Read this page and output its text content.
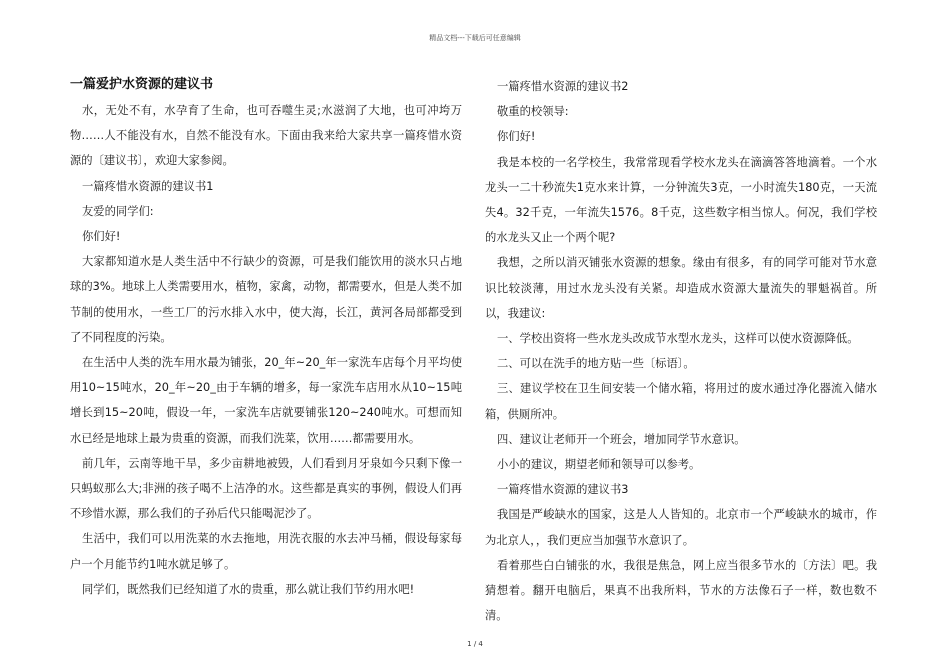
精品文档---下载后可任意编辑
一篇爱护水资源的建议书

水，无处不有，水孕育了生命，也可吞噬生灵;水滋润了大地，也可冲垮万物……人不能没有水，自然不能没有水。下面由我来给大家共享一篇疼惜水资源的〔建议书〕，欢迎大家参阅。

一篇疼惜水资源的建议书1

友爱的同学们:

你们好!

大家都知道水是人类生活中不行缺少的资源，可是我们能饮用的淡水只占地球的3%。地球上人类需要用水，植物，家禽，动物，都需要水，但是人类不加节制的使用水，一些工厂的污水排入水中，使大海，长江，黄河各局部都受到了不同程度的污染。

在生活中人类的洗车用水最为铺张，20_年~20_年一家洗车店每个月平均使用10~15吨水，20_年~20_由于车辆的增多，每一家洗车店用水从10~15吨增长到15~20吨，假设一年，一家洗车店就要铺张120~240吨水。可想而知水已经是地球上最为贵重的资源，而我们洗菜，饮用……都需要用水。

前几年，云南等地干旱，多少亩耕地被毁，人们看到月牙泉如今只剩下像一只蚂蚁那么大;非洲的孩子喝不上洁净的水。这些都是真实的事例，假设人们再不珍惜水源，那么我们的子孙后代只能喝泥沙了。

生活中，我们可以用洗菜的水去拖地，用洗衣服的水去冲马桶，假设每家每户一个月能节约1吨水就足够了。

同学们，既然我们已经知道了水的贵重，那么就让我们节约用水吧!

一篇疼惜水资源的建议书2

敬重的校领导:

你们好!

我是本校的一名学校生，我常常现看学校水龙头在滴滴答答地滴着。一个水龙头一二十秒流失1克水来计算，一分钟流失3克，一小时流失180克，一天流失4。32千克，一年流失1576。8千克，这些数字相当惊人。何况，我们学校的水龙头又止一个两个呢?

我想，之所以消灭铺张水资源的想象。缘由有很多，有的同学可能对节水意识比较淡薄，用过水龙头没有关紧。却造成水资源大量流失的罪魁祸首。所以，我建议:

一、学校出资将一些水龙头改成节水型水龙头，这样可以使水资源降低。

二、可以在洗手的地方贴一些〔标语〕。

三、建议学校在卫生间安装一个储水箱，将用过的废水通过净化器流入储水箱，供厕所冲。

四、建议让老师开一个班会，增加同学节水意识。

小小的建议，期望老师和领导可以参考。

一篇疼惜水资源的建议书3

我国是严峻缺水的国家，这是人人皆知的。北京市一个严峻缺水的城市，作为北京人，，我们更应当加强节水意识了。

看着那些白白铺张的水，我很是焦急，网上应当很多节水的〔方法〕吧。我猜想着。翻开电脑后，果真不出我所料，节水的方法像石子一样，数也数不清。

1 / 4
